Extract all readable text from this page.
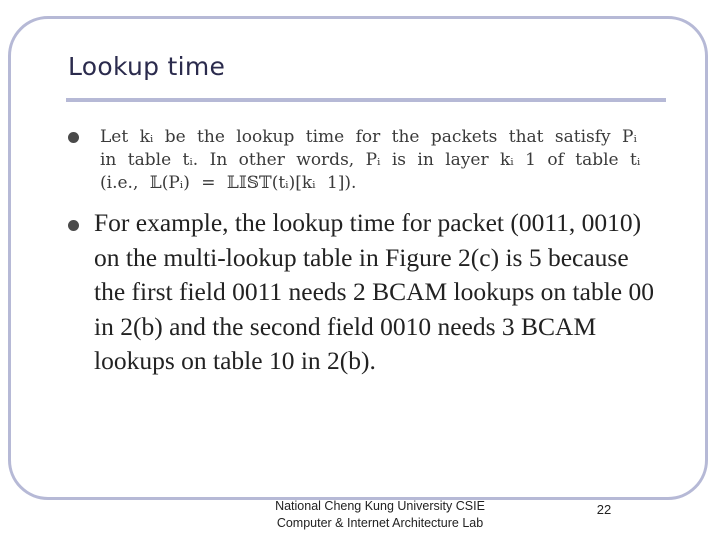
Lookup time
Let kᵢ be the lookup time for the packets that satisfy Pᵢ
in table tᵢ. In other words, Pᵢ is in layer kᵢ 1 of table tᵢ
(i.e., 𝕃(Pᵢ) = 𝕃𝕀𝕊𝕋(tᵢ)[kᵢ 1]).
For example, the lookup time for packet (0011, 0010) on the multi-lookup table in Figure 2(c) is 5 because the first field 0011 needs 2 BCAM lookups on table 00 in 2(b) and the second field 0010 needs 3 BCAM lookups on table 10 in 2(b).
National Cheng Kung University CSIE
Computer & Internet Architecture Lab
22
